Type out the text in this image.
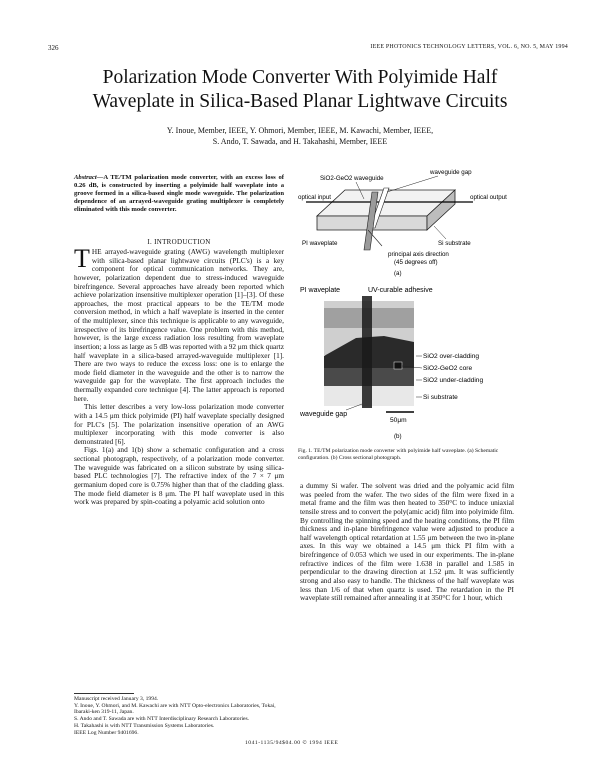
326	IEEE PHOTONICS TECHNOLOGY LETTERS, VOL. 6, NO. 5, MAY 1994
Polarization Mode Converter With Polyimide Half
Waveplate in Silica-Based Planar Lightwave Circuits
Y. Inoue, Member, IEEE, Y. Ohmori, Member, IEEE, M. Kawachi, Member, IEEE,
S. Ando, T. Sawada, and H. Takahashi, Member, IEEE
Abstract—A TE/TM polarization mode converter, with an excess loss of 0.26 dB, is constructed by inserting a polyimide half waveplate into a groove formed in a silica-based single mode waveguide. The polarization dependence of an arrayed-waveguide grating multiplexer is completely eliminated with this mode converter.
I. INTRODUCTION

THE arrayed-waveguide grating (AWG) wavelength multiplexer with silica-based planar lightwave circuits (PLC's) is a key component for optical communication networks. They are, however, polarization dependent due to stress-induced waveguide birefringence. Several approaches have already been reported which achieve polarization insensitive multiplexer operation [1]–[3]. Of these approaches, the most practical appears to be the TE/TM mode conversion method, in which a half waveplate is inserted in the center of the multiplexer, since this technique is applicable to any waveguide, irrespective of its birefringence value. One problem with this method, however, is the large excess radiation loss resulting from waveplate insertion; a loss as large as 5 dB was reported with a 92 μm thick quartz half waveplate in a silica-based arrayed-waveguide multiplexer [1]. There are two ways to reduce the excess loss: one is to enlarge the mode field diameter in the waveguide and the other is to narrow the waveguide gap for the waveplate. The first approach includes the thermally expanded core technique [4]. The latter approach is reported here.

This letter describes a very low-loss polarization mode converter with a 14.5 μm thick polyimide (PI) half waveplate specially designed for PLC's [5]. The polarization insensitive operation of an AWG multiplexer incorporating with this mode converter is also demonstrated [6].

Figs. 1(a) and 1(b) show a schematic configuration and a cross sectional photograph, respectively, of a polarization mode converter. The waveguide was fabricated on a silicon substrate by using silica-based PLC technologies [7]. The refractive index of the 7 × 7 μm germanium doped core is 0.75% higher than that of the cladding glass. The mode field diameter is 8 μm. The PI half waveplate used in this work was prepared by spin-coating a polyamic acid solution onto

Manuscript received January 3, 1994.
Y. Inoue, Y. Ohmori, and M. Kawachi are with NTT Opto-electronics Laboratories, Tokai, Ibaraki-ken 319-11, Japan.
S. Ando and T. Sawada are with NTT Interdisciplinary Research Laboratories.
H. Takahashi is with NTT Transmission Systems Laboratories.
IEEE Log Number 9401696.
1041-1135/94$04.00 © 1994 IEEE
SiO2-GeO2 waveguide
waveguide gap
optical input	optical output
PI waveplate	Si substrate
principal axis direction
(45 degrees off)
(a)
PI waveplate	UV-curable adhesive
SiO2 over-cladding
SiO2-GeO2 core
SiO2 under-cladding
Si substrate
waveguide gap
50μm
(b)
Fig. 1. TE/TM polarization mode converter with polyimide half waveplate. (a) Schematic configuration. (b) Cross sectional photograph.

a dummy Si wafer. The solvent was dried and the polyamic acid film was peeled from the wafer. The two sides of the film were fixed in a metal frame and the film was then heated to 350°C to induce uniaxial tensile stress and to convert the poly(amic acid) film into polyimide film. By controlling the spinning speed and the heating conditions, the PI film thickness and in-plane birefringence value were adjusted to produce a half wavelength optical retardation at 1.55 μm between the two in-plane axes. In this way we obtained a 14.5 μm thick PI film with a birefringence of 0.053 which we used in our experiments. The in-plane refractive indices of the film were 1.638 in parallel and 1.585 in perpendicular to the drawing direction at 1.52 μm. It was sufficiently strong and also easy to handle. The thickness of the half waveplate was less than 1/6 of that when quartz is used. The retardation in the PI waveplate still remained after annealing it at 350°C for 1 hour, which
